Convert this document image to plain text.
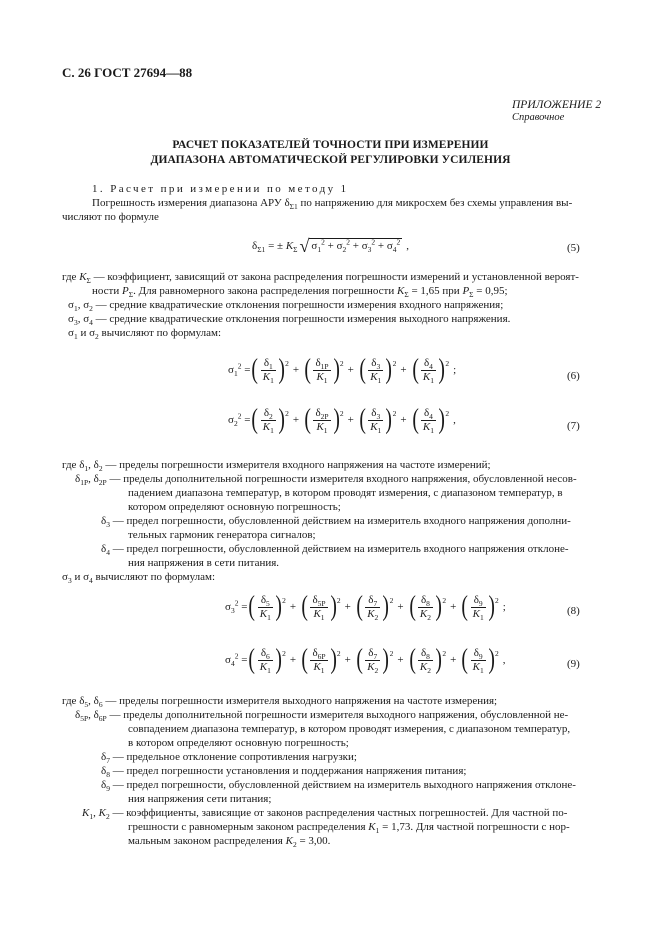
С. 26 ГОСТ 27694—88
ПРИЛОЖЕНИЕ 2
Справочное
РАСЧЕТ ПОКАЗАТЕЛЕЙ ТОЧНОСТИ ПРИ ИЗМЕРЕНИИ
ДИАПАЗОНА АВТОМАТИЧЕСКОЙ РЕГУЛИРОВКИ УСИЛЕНИЯ
1. Расчет при измерении по методу 1
Погрешность измерения диапазона АРУ $\delta_{\Sigma 1}$ по напряжению для микросхем без схемы управления вы-
числяют по формуле
$\delta_{\Sigma 1}$ = ± $K_\Sigma$ √ $\sigma_1^2 + \sigma_2^2 + \sigma_3^2 + \sigma_4^2$ ,	(5)
где $K_\Sigma$ — коэффициент, зависящий от закона распределения погрешности измерений и установленной вероят-
ности $P_\Sigma$. Для равномерного закона распределения погрешности $K_\Sigma = 1,65$ при $P_\Sigma = 0,95$;
$\sigma_1$, $\sigma_2$ — средние квадратические отклонения погрешности измерения входного напряжения;
$\sigma_3$, $\sigma_4$ — средние квадратические отклонения погрешности измерения выходного напряжения.
$\sigma_1$ и $\sigma_2$ вычисляют по формулам:
$\sigma_1^2$ = ( $\frac{\delta_1}{K_1}$ ) 2
+ ( $\frac{\delta_{1P}}{K_1}$ ) 2
+ ( $\frac{\delta_3}{K_1}$ ) 2
+ ( $\frac{\delta_4}{K_1}$ ) 2
;	(6)
$\sigma_2^2$ = ( $\frac{\delta_2}{K_1}$ ) 2
+ ( $\frac{\delta_{2P}}{K_1}$ ) 2
+ ( $\frac{\delta_3}{K_1}$ ) 2
+ ( $\frac{\delta_4}{K_1}$ ) 2
,	(7)
где $\delta_1$, $\delta_2$ — пределы погрешности измерителя входного напряжения на частоте измерений;
$\delta_{1P}$, $\delta_{2P}$ — пределы дополнительной погрешности измерителя входного напряжения, обусловленной несов-
падением диапазона температур, в котором проводят измерения, с диапазоном температур, в
котором определяют основную погрешность;
$\delta_3$ — предел погрешности, обусловленной действием на измеритель входного напряжения дополни-
тельных гармоник генератора сигналов;
$\delta_4$ — предел погрешности, обусловленной действием на измеритель входного напряжения отклоне-
ния напряжения в сети питания.
$\sigma_3$ и $\sigma_4$ вычисляют по формулам:
$\sigma_3^2$ = ( $\frac{\delta_5}{K_1}$ ) 2
+ ( $\frac{\delta_{5P}}{K_1}$ ) 2
+ ( $\frac{\delta_7}{K_2}$ ) 2
+ ( $\frac{\delta_8}{K_2}$ ) 2
+ ( $\frac{\delta_9}{K_1}$ ) 2
;	(8)
$\sigma_4^2$ = ( $\frac{\delta_6}{K_1}$ ) 2
+ ( $\frac{\delta_{6P}}{K_1}$ ) 2
+ ( $\frac{\delta_7}{K_2}$ ) 2
+ ( $\frac{\delta_8}{K_2}$ ) 2
+ ( $\frac{\delta_9}{K_1}$ ) 2
,	(9)
где $\delta_5$, $\delta_6$ — пределы погрешности измерителя выходного напряжения на частоте измерения;
$\delta_{5P}$, $\delta_{6P}$ — пределы дополнительной погрешности измерителя выходного напряжения, обусловленной не-
совпадением диапазона температур, в котором проводят измерения, с диапазоном температур,
в котором определяют основную погрешность;
$\delta_7$ — предельное отклонение сопротивления нагрузки;
$\delta_8$ — предел погрешности установления и поддержания напряжения питания;
$\delta_9$ — предел погрешности, обусловленной действием на измеритель выходного напряжения отклоне-
ния напряжения сети питания;
$K_1$, $K_2$ — коэффициенты, зависящие от законов распределения частных погрешностей. Для частной по-
грешности с равномерным законом распределения $K_1 = 1,73$. Для частной погрешности с нор-
мальным законом распределения $K_2 = 3,00$.
